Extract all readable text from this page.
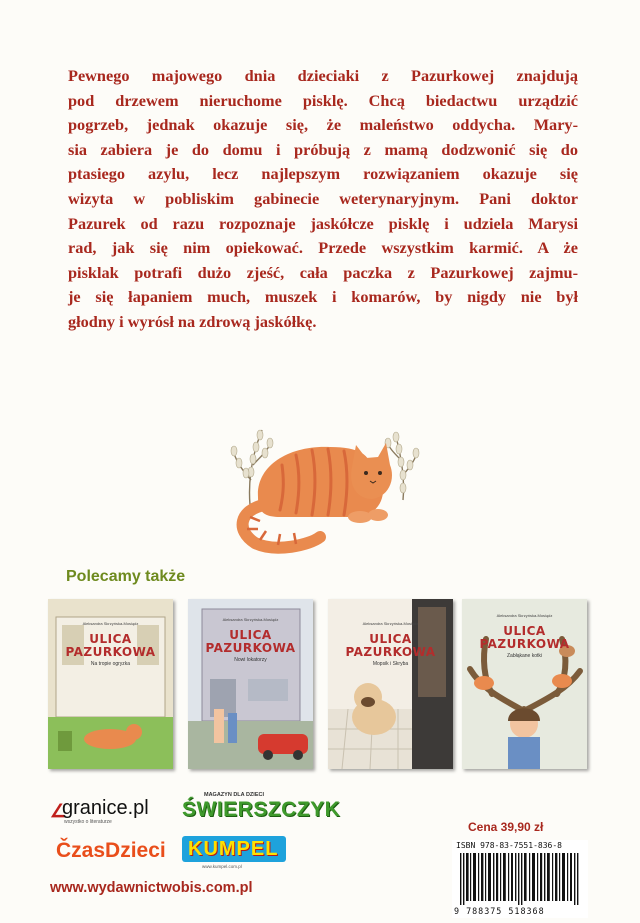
Pewnego majowego dnia dzieciaki z Pazurkowej znajdują
pod drzewem nieruchome pisklę. Chcą biedactwu urządzić
pogrzeb, jednak okazuje się, że maleństwo oddycha. Mary-
sia zabiera je do domu i próbują z mamą dodzwonić się do
ptasiego azylu, lecz najlepszym rozwiązaniem okazuje się
wizyta w pobliskim gabinecie weterynaryjnym. Pani doktor
Pazurek od razu rozpoznaje jaskółcze pisklę i udziela Marysi
rad, jak się nim opiekować. Przede wszystkim karmić. A że
pisklak potrafi dużo zjeść, cała paczka z Pazurkowej zajmu-
je się łapaniem much, muszek i komarów, by nigdy nie był
głodny i wyrósł na zdrową jaskółkę.

Polecamy także

Aleksandra Skrzyńska-Mosiądz
ULICA
PAZURKOWA
Na tropie ogryzka
Aleksandra Skrzyńska-Mosiądz
ULICA
PAZURKOWA
Nowi lokatorzy
Aleksandra Skrzyńska-Mosiądz
ULICA
PAZURKOWA
Mopsik i Skryba
Aleksandra Skrzyńska-Mosiądz
ULICA
PAZURKOWA
Zabłąkane kotki
∠
granice.pl
wszystko o literaturze
MAGAZYN DLA DZIECI
ŚWIERSZCZYK
ČzasDzieci KUMPEL
www.kumpel.com.pl

www.wydawnictwobis.com.pl

Cena 39,90 zł

ISBN 978-83-7551-836-8
9 788375 518368
